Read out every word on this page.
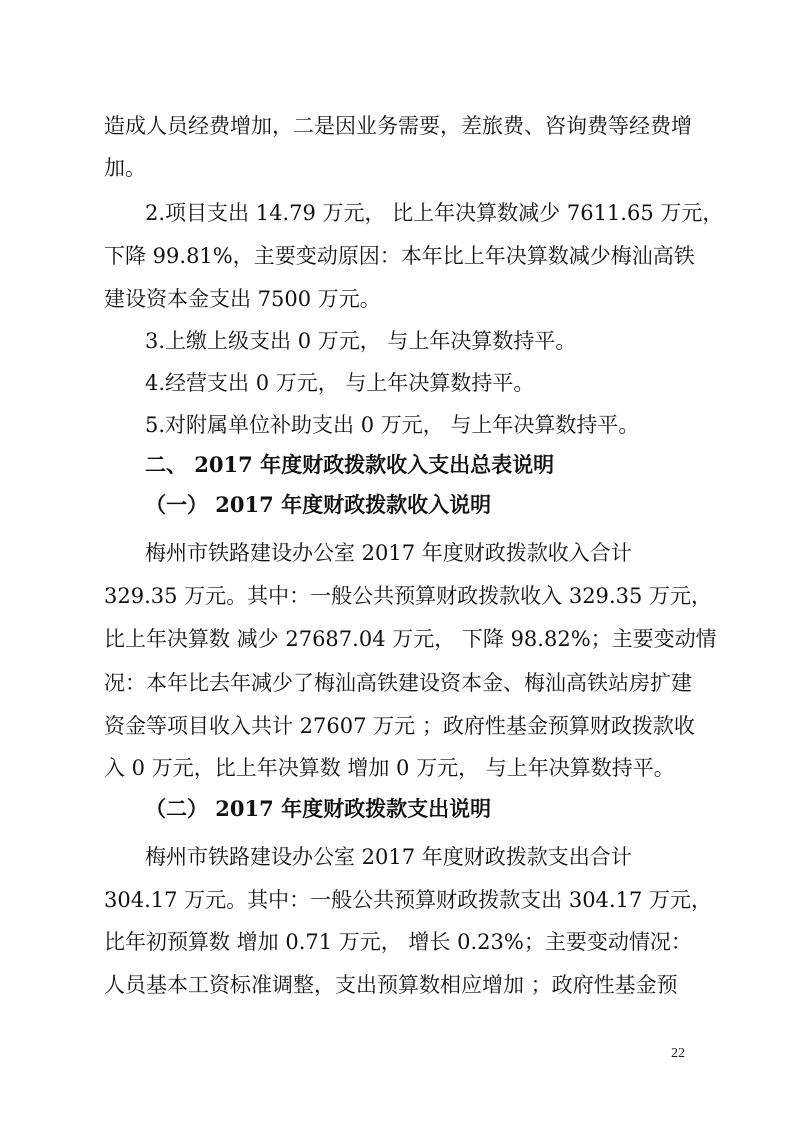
造成人员经费增加，二是因业务需要，差旅费、咨询费等经费增
加。
2.项目支出 14.79 万元， 比上年决算数减少 7611.65 万元，
下降 99.81%，主要变动原因：本年比上年决算数减少梅汕高铁
建设资本金支出 7500 万元。
3.上缴上级支出 0 万元， 与上年决算数持平。
4.经营支出 0 万元， 与上年决算数持平。
5.对附属单位补助支出 0 万元， 与上年决算数持平。
二、 2017 年度财政拨款收入支出总表说明
（一） 2017 年度财政拨款收入说明
梅州市铁路建设办公室 2017 年度财政拨款收入合计
329.35 万元。其中：一般公共预算财政拨款收入 329.35 万元，
比上年决算数 减少 27687.04 万元， 下降 98.82%；主要变动情
况：本年比去年减少了梅汕高铁建设资本金、梅汕高铁站房扩建
资金等项目收入共计 27607 万元 ；政府性基金预算财政拨款收
入 0 万元，比上年决算数 增加 0 万元， 与上年决算数持平。
（二） 2017 年度财政拨款支出说明
梅州市铁路建设办公室 2017 年度财政拨款支出合计
304.17 万元。其中：一般公共预算财政拨款支出 304.17 万元，
比年初预算数 增加 0.71 万元， 增长 0.23%；主要变动情况：
人员基本工资标准调整，支出预算数相应增加 ；政府性基金预
22
